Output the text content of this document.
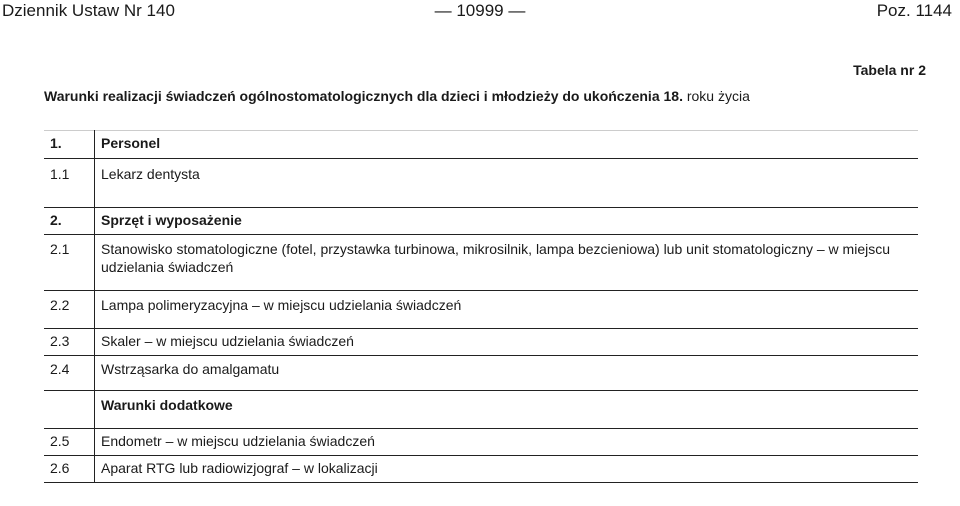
Dziennik Ustaw Nr 140	— 10999 —	Poz. 1144
Tabela nr 2
Warunki realizacji świadczeń ogólnostomatologicznych dla dzieci i młodzieży do ukończenia 18. roku życia
1.	Personel
1.1	Lekarz dentysta
2.	Sprzęt i wyposażenie
2.1	Stanowisko stomatologiczne (fotel, przystawka turbinowa, mikrosilnik, lampa bezcieniowa) lub unit stomatologiczny – w miejscu udzielania świadczeń
2.2	Lampa polimeryzacyjna – w miejscu udzielania świadczeń
2.3	Skaler – w miejscu udzielania świadczeń
2.4	Wstrząsarka do amalgamatu
	Warunki dodatkowe
2.5	Endometr – w miejscu udzielania świadczeń
2.6	Aparat RTG lub radiowizjograf – w lokalizacji
